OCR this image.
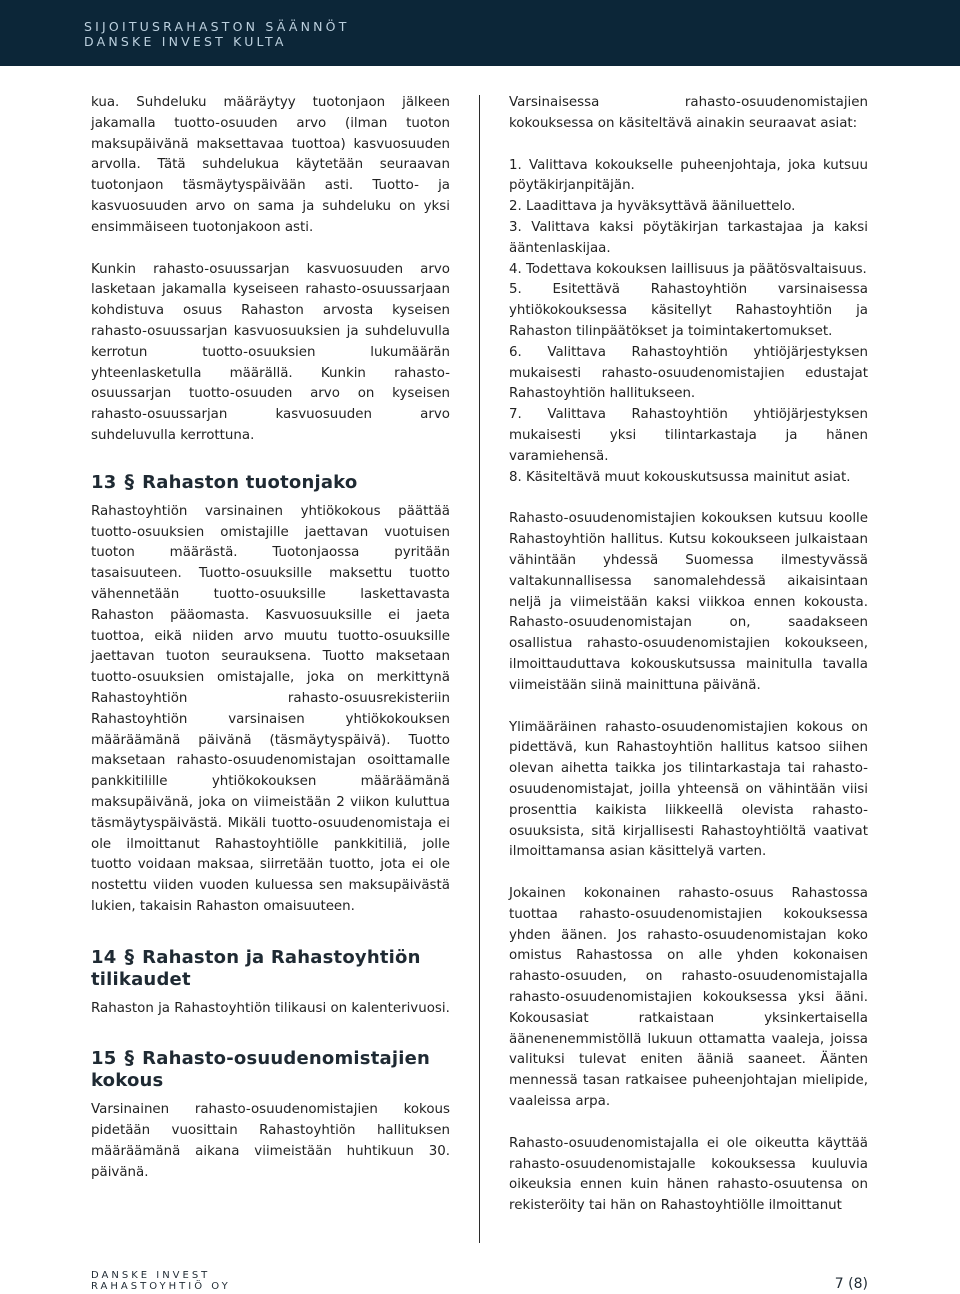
SIJOITUSRAHASTON SÄÄNNÖT
DANSKE INVEST KULTA

kua. Suhdeluku määräytyy tuotonjaon jälkeen jakamalla tuotto-osuuden arvo (ilman tuoton maksupäivänä maksettavaa tuottoa) kasvuosuuden arvolla. Tätä suhdelukua käytetään seuraavan tuotonjaon täsmäytyspäivään asti. Tuotto- ja kasvuosuuden arvo on sama ja suhdeluku on yksi ensimmäiseen tuotonjakoon asti.

Kunkin rahasto-osuussarjan kasvuosuuden arvo lasketaan jakamalla kyseiseen rahasto-osuussarjaan kohdistuva osuus Rahaston arvosta kyseisen rahasto-osuussarjan kasvuosuuksien ja suhdeluvulla kerrotun tuotto-osuuksien lukumäärän yhteenlasketulla määrällä. Kunkin rahasto-osuussarjan tuotto-osuuden arvo on kyseisen rahasto-osuussarjan kasvuosuuden arvo suhdeluvulla kerrottuna.

13 § Rahaston tuotonjako

Rahastoyhtiön varsinainen yhtiökokous päättää tuotto-osuuksien omistajille jaettavan vuotuisen tuoton määrästä. Tuotonjaossa pyritään tasaisuuteen. Tuotto-osuuksille maksettu tuotto vähennetään tuotto-osuuksille laskettavasta Rahaston pääomasta. Kasvuosuuksille ei jaeta tuottoa, eikä niiden arvo muutu tuotto-osuuksille jaettavan tuoton seurauksena. Tuotto maksetaan tuotto-osuuksien omistajalle, joka on merkittynä Rahastoyhtiön rahasto-osuusrekisteriin Rahastoyhtiön varsinaisen yhtiökokouksen määräämänä päivänä (täsmäytyspäivä). Tuotto maksetaan rahasto-osuudenomistajan osoittamalle pankkitilille yhtiökokouksen määräämänä maksupäivänä, joka on viimeistään 2 viikon kuluttua täsmäytyspäivästä. Mikäli tuotto-osuudenomistaja ei ole ilmoittanut Rahastoyhtiölle pankkitiliä, jolle tuotto voidaan maksaa, siirretään tuotto, jota ei ole nostettu viiden vuoden kuluessa sen maksupäivästä lukien, takaisin Rahaston omaisuuteen.

14 § Rahaston ja Rahastoyhtiön tilikaudet

Rahaston ja Rahastoyhtiön tilikausi on kalenterivuosi.

15 § Rahasto-osuudenomistajien kokous

Varsinainen rahasto-osuudenomistajien kokous pidetään vuosittain Rahastoyhtiön hallituksen määräämänä aikana viimeistään huhtikuun 30. päivänä.

Varsinaisessa rahasto-osuudenomistajien kokouksessa on käsiteltävä ainakin seuraavat asiat:

1. Valittava kokoukselle puheenjohtaja, joka kutsuu pöytäkirjanpitäjän.

2. Laadittava ja hyväksyttävä ääniluettelo.

3. Valittava kaksi pöytäkirjan tarkastajaa ja kaksi ääntenlaskijaa.

4. Todettava kokouksen laillisuus ja päätösvaltaisuus.

5. Esitettävä Rahastoyhtiön varsinaisessa yhtiökokouksessa käsitellyt Rahastoyhtiön ja Rahaston tilinpäätökset ja toimintakertomukset.

6. Valittava Rahastoyhtiön yhtiöjärjestyksen mukaisesti rahasto-osuudenomistajien edustajat Rahastoyhtiön hallitukseen.

7. Valittava Rahastoyhtiön yhtiöjärjestyksen mukaisesti yksi tilintarkastaja ja hänen varamiehensä.

8. Käsiteltävä muut kokouskutsussa mainitut asiat.

Rahasto-osuudenomistajien kokouksen kutsuu koolle Rahastoyhtiön hallitus. Kutsu kokoukseen julkaistaan vähintään yhdessä Suomessa ilmestyvässä valtakunnallisessa sanomalehdessä aikaisintaan neljä ja viimeistään kaksi viikkoa ennen kokousta. Rahasto-osuudenomistajan on, saadakseen osallistua rahasto-osuudenomistajien kokoukseen, ilmoittauduttava kokouskutsussa mainitulla tavalla viimeistään siinä mainittuna päivänä.

Ylimääräinen rahasto-osuudenomistajien kokous on pidettävä, kun Rahastoyhtiön hallitus katsoo siihen olevan aihetta taikka jos tilintarkastaja tai rahasto-osuudenomistajat, joilla yhteensä on vähintään viisi prosenttia kaikista liikkeellä olevista rahasto-osuuksista, sitä kirjallisesti Rahastoyhtiöltä vaativat ilmoittamansa asian käsittelyä varten.

Jokainen kokonainen rahasto-osuus Rahastossa tuottaa rahasto-osuudenomistajien kokouksessa yhden äänen. Jos rahasto-osuudenomistajan koko omistus Rahastossa on alle yhden kokonaisen rahasto-osuuden, on rahasto-osuudenomistajalla rahasto-osuudenomistajien kokouksessa yksi ääni. Kokousasiat ratkaistaan yksinkertaisella äänenenemmistöllä lukuun ottamatta vaaleja, joissa valituksi tulevat eniten ääniä saaneet. Äänten mennessä tasan ratkaisee puheenjohtajan mielipide, vaaleissa arpa.

Rahasto-osuudenomistajalla ei ole oikeutta käyttää rahasto-osuudenomistajalle kokouksessa kuuluvia oikeuksia ennen kuin hänen rahasto-osuutensa on rekisteröity tai hän on Rahastoyhtiölle ilmoittanut

DANSKE INVEST
RAHASTOYHTIÖ OY	7 (8)
